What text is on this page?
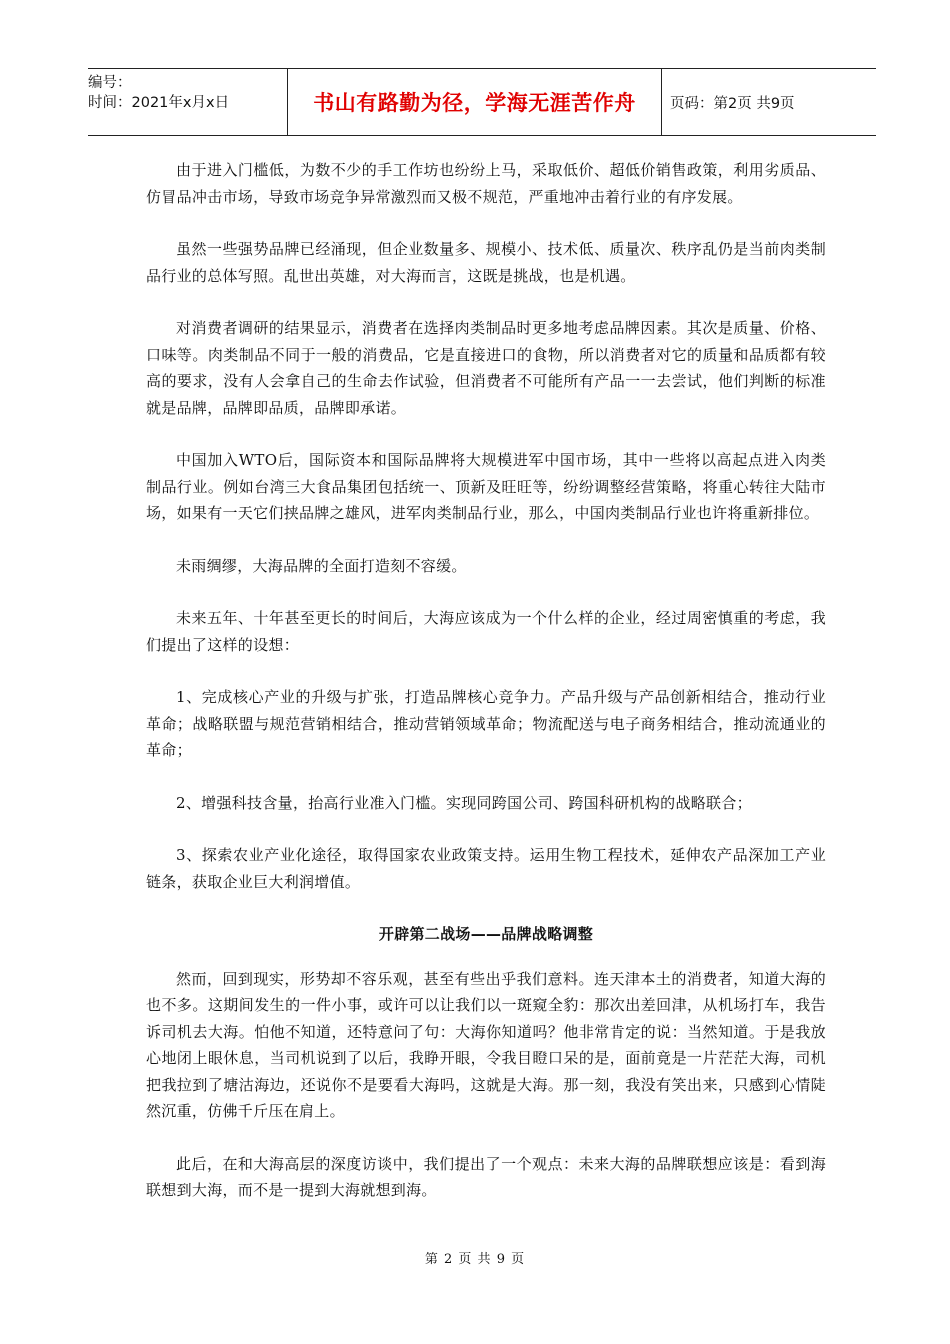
编号：
时间：2021年x月x日	书山有路勤为径，学海无涯苦作舟	页码：第2页 共9页

由于进入门槛低，为数不少的手工作坊也纷纷上马，采取低价、超低价销售政策，利用劣质品、仿冒品冲击市场，导致市场竞争异常激烈而又极不规范，严重地冲击着行业的有序发展。

虽然一些强势品牌已经涌现，但企业数量多、规模小、技术低、质量次、秩序乱仍是当前肉类制品行业的总体写照。乱世出英雄，对大海而言，这既是挑战，也是机遇。

对消费者调研的结果显示，消费者在选择肉类制品时更多地考虑品牌因素。其次是质量、价格、口味等。肉类制品不同于一般的消费品，它是直接进口的食物，所以消费者对它的质量和品质都有较高的要求，没有人会拿自己的生命去作试验，但消费者不可能所有产品一一去尝试，他们判断的标准就是品牌，品牌即品质，品牌即承诺。

中国加入WTO后，国际资本和国际品牌将大规模进军中国市场，其中一些将以高起点进入肉类制品行业。例如台湾三大食品集团包括统一、顶新及旺旺等，纷纷调整经营策略，将重心转往大陆市场，如果有一天它们挟品牌之雄风，进军肉类制品行业，那么，中国肉类制品行业也许将重新排位。

未雨绸缪，大海品牌的全面打造刻不容缓。

未来五年、十年甚至更长的时间后，大海应该成为一个什么样的企业，经过周密慎重的考虑，我们提出了这样的设想：

1、完成核心产业的升级与扩张，打造品牌核心竞争力。产品升级与产品创新相结合，推动行业革命；战略联盟与规范营销相结合，推动营销领域革命；物流配送与电子商务相结合，推动流通业的革命；

2、增强科技含量，抬高行业准入门槛。实现同跨国公司、跨国科研机构的战略联合；

3、探索农业产业化途径，取得国家农业政策支持。运用生物工程技术，延伸农产品深加工产业链条，获取企业巨大利润增值。

开辟第二战场——品牌战略调整

然而，回到现实，形势却不容乐观，甚至有些出乎我们意料。连天津本土的消费者，知道大海的也不多。这期间发生的一件小事，或许可以让我们以一斑窥全豹：那次出差回津，从机场打车，我告诉司机去大海。怕他不知道，还特意问了句：大海你知道吗？他非常肯定的说：当然知道。于是我放心地闭上眼休息，当司机说到了以后，我睁开眼，令我目瞪口呆的是，面前竟是一片茫茫大海，司机把我拉到了塘沽海边，还说你不是要看大海吗，这就是大海。那一刻，我没有笑出来，只感到心情陡然沉重，仿佛千斤压在肩上。

此后，在和大海高层的深度访谈中，我们提出了一个观点：未来大海的品牌联想应该是：看到海联想到大海，而不是一提到大海就想到海。

第 2 页 共 9 页
